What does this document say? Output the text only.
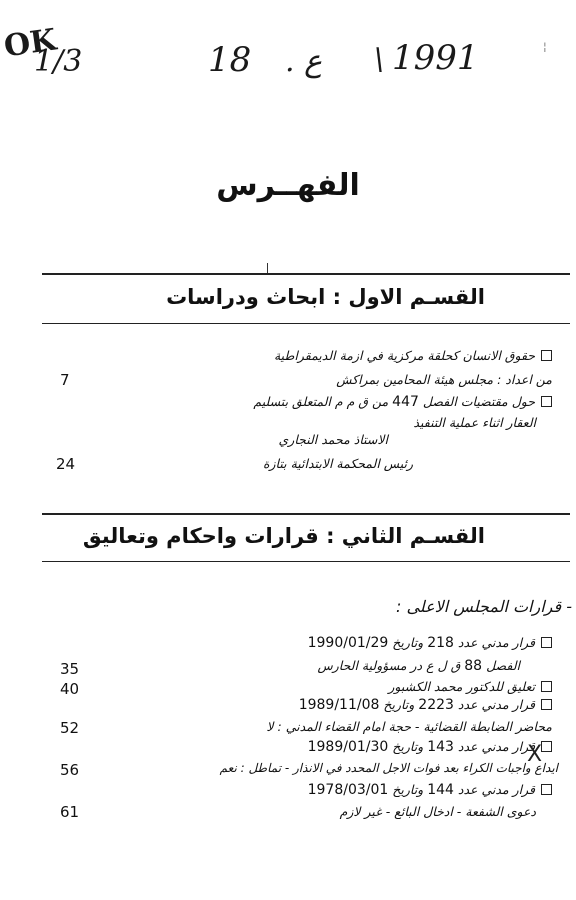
OK
1/3	18 . ع \ 1991	¦
الفهــرس
القسـم الاول : ابحاث ودراسات
حقوق الانسان كحلقة مركزية في ازمة الديمقراطية
من اعداد : مجلس هيئة المحامين بمراكش
7
حول مقتضيات الفصل 447 من ق م م المتعلق بتسليم
العقار اثناء عملية التنفيذ
الاستاذ محمد النجاري
رئيس المحكمة الابتدائية بتازة
24
القسـم الثاني : قرارات واحكام وتعاليق
- قرارات المجلس الاعلى :
قرار مدني عدد 218 وتاريخ 1990/01/29
الفصل 88 ق ل ع در مسؤولية الحارس
35
تعليق للدكتور محمد الكشبور
40
قرار مدني عدد 2223 وتاريخ 1989/11/08
محاضر الضابطة القضائية - حجة امام القضاء المدني : لا
52
قرار مدني عدد 143 وتاريخ 1989/01/30
ايداع واجبات الكراء بعد فوات الاجل المحدد في الانذار - تماطل : نعم
56
قرار مدني عدد 144 وتاريخ 1978/03/01
دعوى الشفعة - ادخال البائع - غير لازم
61
X
